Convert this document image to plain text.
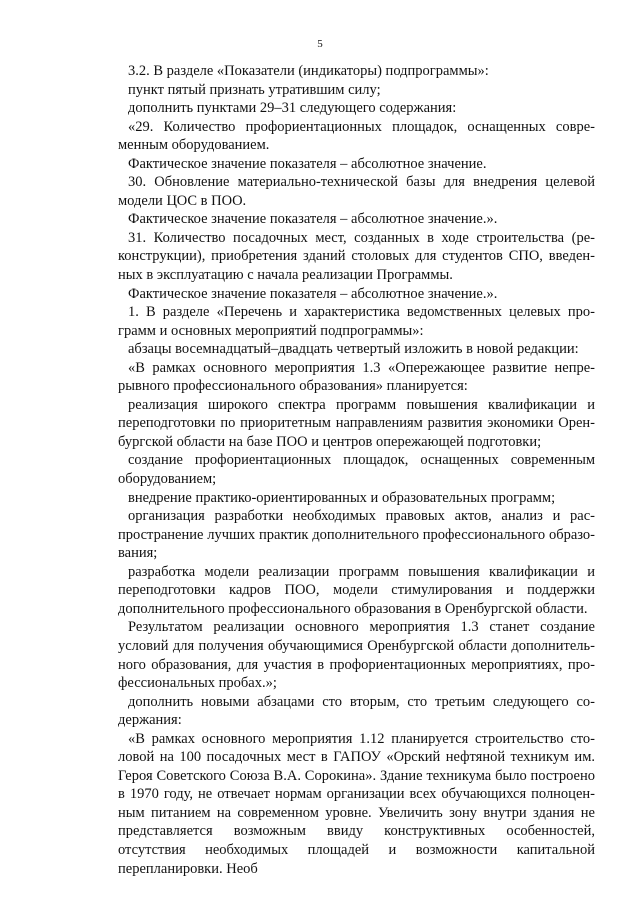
5

3.2. В разделе «Показатели (индикаторы) подпрограммы»:

пункт пятый признать утратившим силу;

дополнить пунктами 29–31 следующего содержания:

«29. Количество профориентационных площадок, оснащенных современным оборудованием.

Фактическое значение показателя – абсолютное значение.

30. Обновление материально-технической базы для внедрения целевой модели ЦОС в ПОО.

Фактическое значение показателя – абсолютное значение.».

31. Количество посадочных мест, созданных в ходе строительства (реконструкции), приобретения зданий столовых для студентов СПО, введенных в эксплуатацию с начала реализации Программы.

Фактическое значение показателя – абсолютное значение.».

1. В разделе «Перечень и характеристика ведомственных целевых программ и основных мероприятий подпрограммы»:

абзацы восемнадцатый–двадцать четвертый изложить в новой редакции:

«В рамках основного мероприятия 1.3 «Опережающее развитие непрерывного профессионального образования» планируется:

реализация широкого спектра программ повышения квалификации и переподготовки по приоритетным направлениям развития экономики Оренбургской области на базе ПОО и центров опережающей подготовки;

создание профориентационных площадок, оснащенных современным оборудованием;

внедрение практико-ориентированных и образовательных программ;

организация разработки необходимых правовых актов, анализ и распространение лучших практик дополнительного профессионального образования;

разработка модели реализации программ повышения квалификации и переподготовки кадров ПОО, модели стимулирования и поддержки дополнительного профессионального образования в Оренбургской области.

Результатом реализации основного мероприятия 1.3 станет создание условий для получения обучающимися Оренбургской области дополнительного образования, для участия в профориентационных мероприятиях, профессиональных пробах.»;

дополнить новыми абзацами сто вторым, сто третьим следующего содержания:

«В рамках основного мероприятия 1.12 планируется строительство столовой на 100 посадочных мест в ГАПОУ «Орский нефтяной техникум им. Героя Советского Союза В.А. Сорокина». Здание техникума было построено в 1970 году, не отвечает нормам организации всех обучающихся полноценным питанием на современном уровне. Увеличить зону внутри здания не представляется возможным ввиду конструктивных особенностей, отсутствия необходимых площадей и возможности капитальной перепланировки. Необ
